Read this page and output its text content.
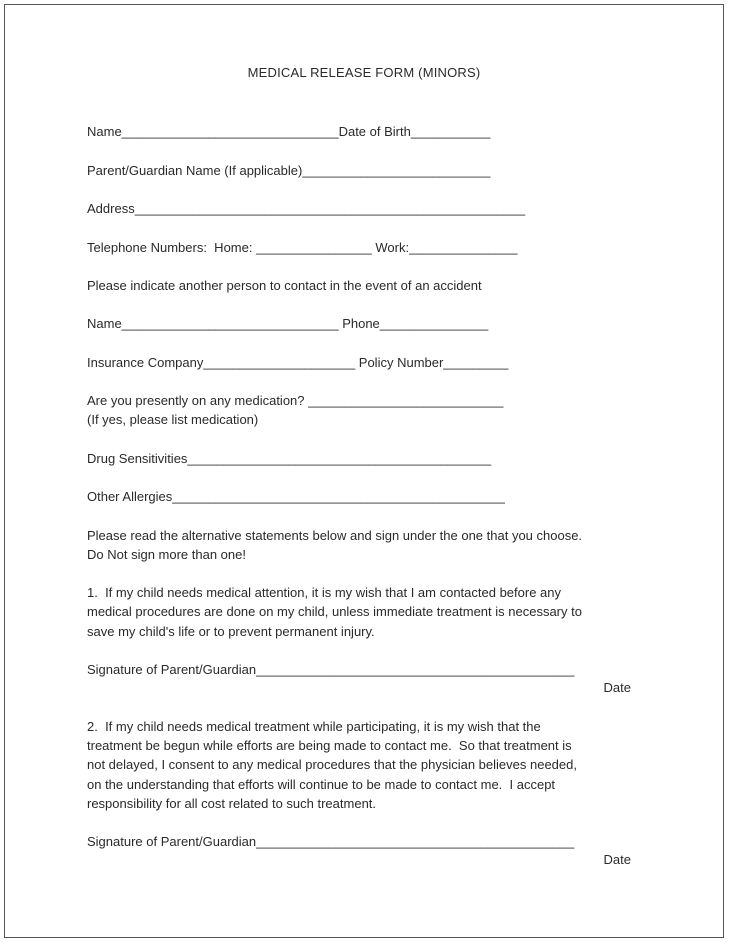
MEDICAL RELEASE FORM (MINORS)
Name______________________________Date of Birth___________
Parent/Guardian Name (If applicable)__________________________
Address______________________________________________________
Telephone Numbers:  Home: ________________ Work:_______________
Please indicate another person to contact in the event of an accident
Name______________________________ Phone_______________
Insurance Company_____________________ Policy Number_________
Are you presently on any medication? ___________________________
(If yes, please list medication)
Drug Sensitivities__________________________________________
Other Allergies______________________________________________
Please read the alternative statements below and sign under the one that you choose.
Do Not sign more than one!
1.  If my child needs medical attention, it is my wish that I am contacted before any
medical procedures are done on my child, unless immediate treatment is necessary to
save my child's life or to prevent permanent injury.
Signature of Parent/Guardian____________________________________________
Date
2.  If my child needs medical treatment while participating, it is my wish that the
treatment be begun while efforts are being made to contact me.  So that treatment is
not delayed, I consent to any medical procedures that the physician believes needed,
on the understanding that efforts will continue to be made to contact me.  I accept
responsibility for all cost related to such treatment.
Signature of Parent/Guardian____________________________________________
Date
